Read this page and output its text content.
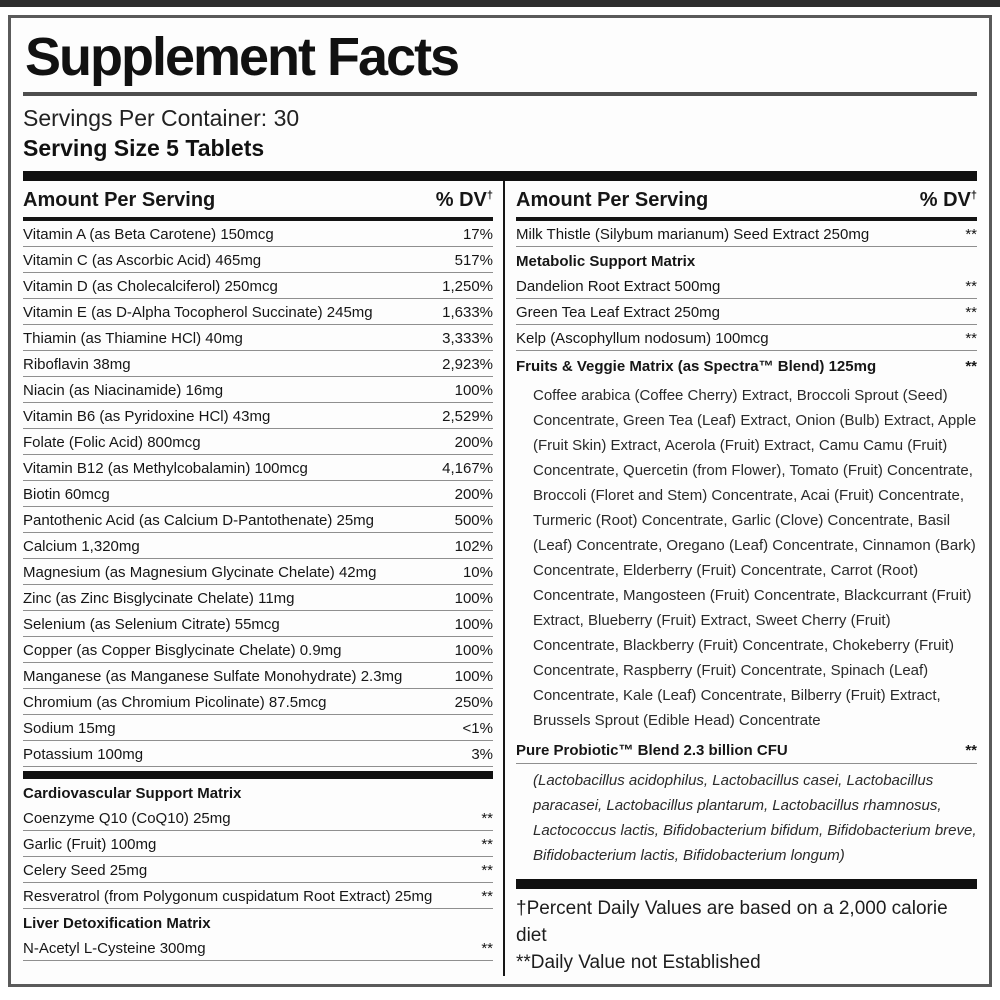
Supplement Facts
Servings Per Container: 30
Serving Size 5 Tablets
Amount Per Serving	% DV†
Vitamin A (as Beta Carotene) 150mcg	17%
Vitamin C (as Ascorbic Acid) 465mg	517%
Vitamin D (as Cholecalciferol) 250mcg	1,250%
Vitamin E (as D-Alpha Tocopherol Succinate) 245mg	1,633%
Thiamin (as Thiamine HCl) 40mg	3,333%
Riboflavin 38mg	2,923%
Niacin (as Niacinamide) 16mg	100%
Vitamin B6 (as Pyridoxine HCl) 43mg	2,529%
Folate (Folic Acid) 800mcg	200%
Vitamin B12 (as Methylcobalamin) 100mcg	4,167%
Biotin 60mcg	200%
Pantothenic Acid (as Calcium D-Pantothenate) 25mg	500%
Calcium 1,320mg	102%
Magnesium (as Magnesium Glycinate Chelate) 42mg	10%
Zinc (as Zinc Bisglycinate Chelate) 11mg	100%
Selenium (as Selenium Citrate) 55mcg	100%
Copper (as Copper Bisglycinate Chelate) 0.9mg	100%
Manganese (as Manganese Sulfate Monohydrate) 2.3mg	100%
Chromium (as Chromium Picolinate) 87.5mcg	250%
Sodium 15mg	<1%
Potassium 100mg	3%
Cardiovascular Support Matrix
Coenzyme Q10 (CoQ10) 25mg	**
Garlic (Fruit) 100mg	**
Celery Seed 25mg	**
Resveratrol (from Polygonum cuspidatum Root Extract) 25mg	**
Liver Detoxification Matrix
N-Acetyl L-Cysteine 300mg	**
Amount Per Serving	% DV†
Milk Thistle (Silybum marianum) Seed Extract 250mg	**
Metabolic Support Matrix
Dandelion Root Extract 500mg	**
Green Tea Leaf Extract 250mg	**
Kelp (Ascophyllum nodosum) 100mcg	**
Fruits & Veggie Matrix (as Spectra™ Blend) 125mg	**
Coffee arabica (Coffee Cherry) Extract, Broccoli Sprout (Seed) Concentrate, Green Tea (Leaf) Extract, Onion (Bulb) Extract, Apple (Fruit Skin) Extract, Acerola (Fruit) Extract, Camu Camu (Fruit) Concentrate, Quercetin (from Flower), Tomato (Fruit) Concentrate, Broccoli (Floret and Stem) Concentrate, Acai (Fruit) Concentrate, Turmeric (Root) Concentrate, Garlic (Clove) Concentrate, Basil (Leaf) Concentrate, Oregano (Leaf) Concentrate, Cinnamon (Bark) Concentrate, Elderberry (Fruit) Concentrate, Carrot (Root) Concentrate, Mangosteen (Fruit) Concentrate, Blackcurrant (Fruit) Extract, Blueberry (Fruit) Extract, Sweet Cherry (Fruit) Concentrate, Blackberry (Fruit) Concentrate, Chokeberry (Fruit) Concentrate, Raspberry (Fruit) Concentrate, Spinach (Leaf) Concentrate, Kale (Leaf) Concentrate, Bilberry (Fruit) Extract, Brussels Sprout (Edible Head) Concentrate
Pure Probiotic™ Blend 2.3 billion CFU	**
(Lactobacillus acidophilus, Lactobacillus casei, Lactobacillus paracasei, Lactobacillus plantarum, Lactobacillus rhamnosus, Lactococcus lactis, Bifidobacterium bifidum, Bifidobacterium breve, Bifidobacterium lactis, Bifidobacterium longum)
†Percent Daily Values are based on a 2,000 calorie diet
**Daily Value not Established
